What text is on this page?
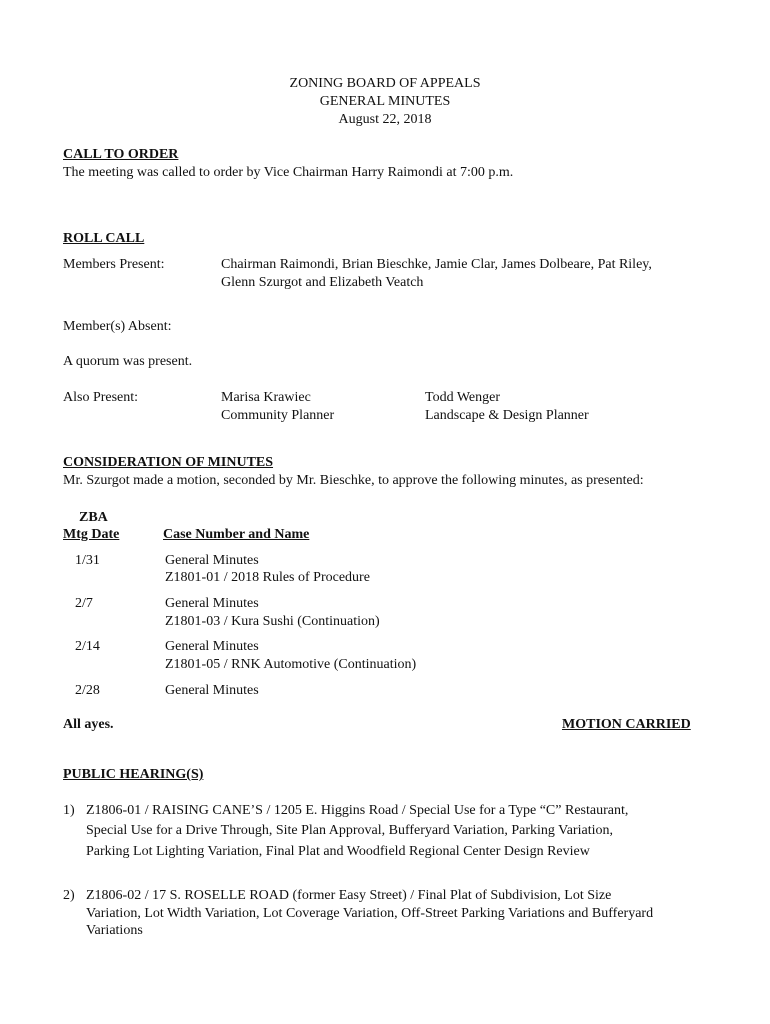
ZONING BOARD OF APPEALS
GENERAL MINUTES
August 22, 2018
CALL TO ORDER
The meeting was called to order by Vice Chairman Harry Raimondi at 7:00 p.m.
ROLL CALL
Members Present:	Chairman Raimondi, Brian Bieschke, Jamie Clar, James Dolbeare, Pat Riley,
Glenn Szurgot and Elizabeth Veatch
Member(s) Absent:
A quorum was present.
Also Present:	Marisa Krawiec
Community Planner
Todd Wenger
Landscape & Design Planner
CONSIDERATION OF MINUTES
Mr. Szurgot made a motion, seconded by Mr. Bieschke, to approve the following minutes, as presented:
ZBA
Mtg Date	Case Number and Name
1/31	General Minutes
Z1801-01 / 2018 Rules of Procedure
2/7	General Minutes
Z1801-03 / Kura Sushi (Continuation)
2/14	General Minutes
Z1801-05 / RNK Automotive (Continuation)
2/28	General Minutes
All ayes.	MOTION CARRIED
PUBLIC HEARING(S)
1) Z1806-01 / RAISING CANE’S / 1205 E. Higgins Road / Special Use for a Type “C” Restaurant,
Special Use for a Drive Through, Site Plan Approval, Bufferyard Variation, Parking Variation,
Parking Lot Lighting Variation, Final Plat and Woodfield Regional Center Design Review
2) Z1806-02 / 17 S. ROSELLE ROAD (former Easy Street) / Final Plat of Subdivision, Lot Size
Variation, Lot Width Variation, Lot Coverage Variation, Off-Street Parking Variations and Bufferyard
Variations
